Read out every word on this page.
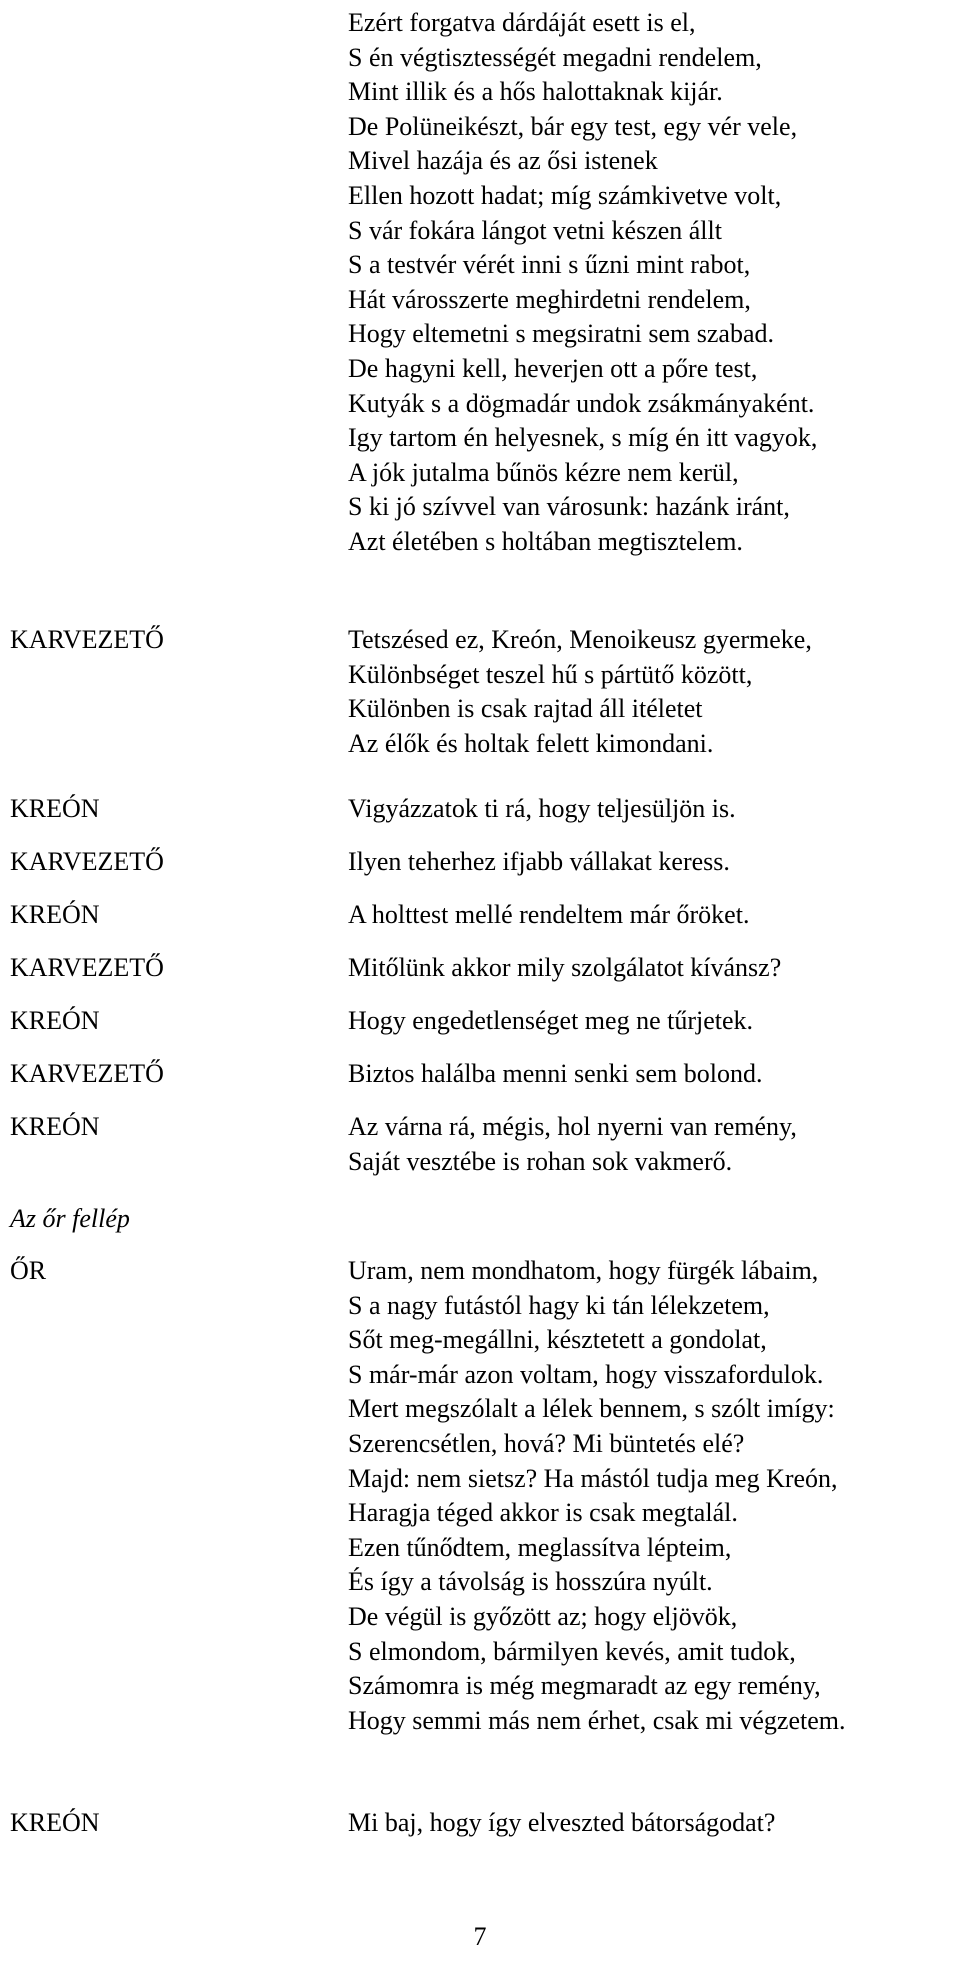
Ezért forgatva dárdáját esett is el,
S én végtisztességét megadni rendelem,
Mint illik és a hős halottaknak kijár.
De Polüneikészt, bár egy test, egy vér vele,
Mivel hazája és az ősi istenek
Ellen hozott hadat; míg számkivetve volt,
S vár fokára lángot vetni készen állt
S a testvér vérét inni s űzni mint rabot,
Hát városszerte meghirdetni rendelem,
Hogy eltemetni s megsiratni sem szabad.
De hagyni kell, heverjen ott a pőre test,
Kutyák s a dögmadár undok zsákmányaként.
Igy tartom én helyesnek, s míg én itt vagyok,
A jók jutalma bűnös kézre nem kerül,
S ki jó szívvel van városunk: hazánk iránt,
Azt életében s holtában megtisztelem.
KARVEZETŐ	Tetszésed ez, Kreón, Menoikeusz gyermeke,
Különbséget teszel hű s pártütő között,
Különben is csak rajtad áll itéletet
Az élők és holtak felett kimondani.
KREÓN	Vigyázzatok ti rá, hogy teljesüljön is.
KARVEZETŐ	Ilyen teherhez ifjabb vállakat keress.
KREÓN	A holttest mellé rendeltem már őröket.
KARVEZETŐ	Mitőlünk akkor mily szolgálatot kívánsz?
KREÓN	Hogy engedetlenséget meg ne tűrjetek.
KARVEZETŐ	Biztos halálba menni senki sem bolond.
KREÓN	Az várna rá, mégis, hol nyerni van remény,
Saját vesztébe is rohan sok vakmerő.
Az őr fellép
ŐR	Uram, nem mondhatom, hogy fürgék lábaim,
S a nagy futástól hagy ki tán lélekzetem,
Sőt meg-megállni, késztetett a gondolat,
S már-már azon voltam, hogy visszafordulok.
Mert megszólalt a lélek bennem, s szólt imígy:
Szerencsétlen, hová? Mi büntetés elé?
Majd: nem sietsz? Ha mástól tudja meg Kreón,
Haragja téged akkor is csak megtalál.
Ezen tűnődtem, meglassítva lépteim,
És így a távolság is hosszúra nyúlt.
De végül is győzött az; hogy eljövök,
S elmondom, bármilyen kevés, amit tudok,
Számomra is még megmaradt az egy remény,
Hogy semmi más nem érhet, csak mi végzetem.
KREÓN	Mi baj, hogy így elveszted bátorságodat?
7
